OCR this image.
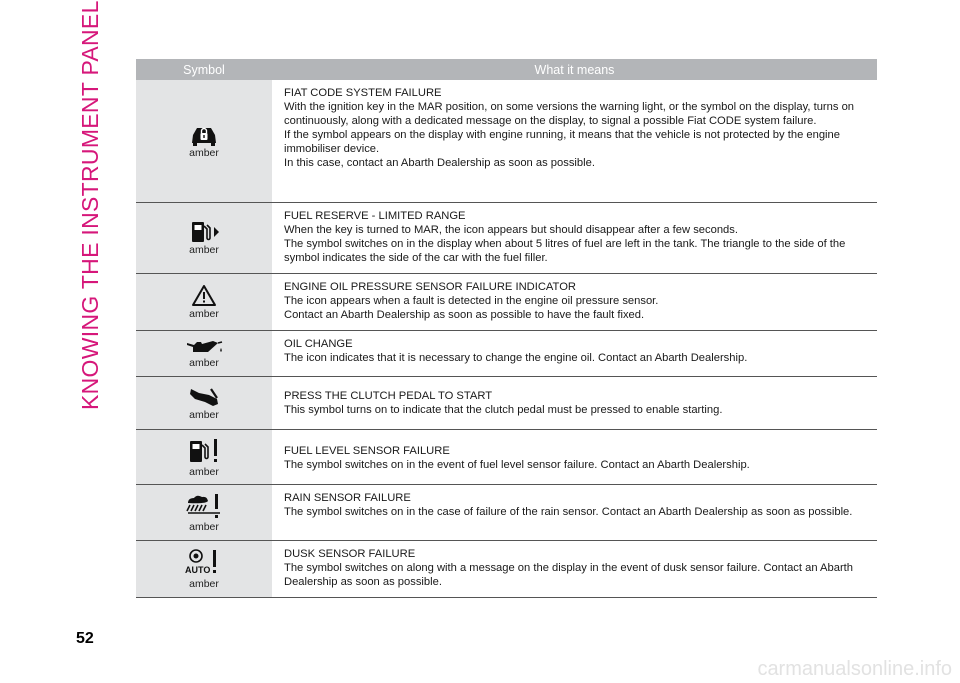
KNOWING THE INSTRUMENT PANEL	Symbol	What it means

amber	FIAT CODE SYSTEM FAILURE
With the ignition key in the MAR position, on some versions the warning light, or the symbol on the display, turns on continuously, along with a dedicated message on the display, to signal a possible Fiat CODE system failure.
If the symbol appears on the display with engine running, it means that the vehicle is not protected by the engine immobiliser device.
In this case, contact an Abarth Dealership as soon as possible.

amber	FUEL RESERVE - LIMITED RANGE
When the key is turned to MAR, the icon appears but should disappear after a few seconds.
The symbol switches on in the display when about 5 litres of fuel are left in the tank. The triangle to the side of the symbol indicates the side of the car with the fuel filler.

amber	ENGINE OIL PRESSURE SENSOR FAILURE INDICATOR
The icon appears when a fault is detected in the engine oil pressure sensor.
Contact an Abarth Dealership as soon as possible to have the fault fixed.

amber	OIL CHANGE
The icon indicates that it is necessary to change the engine oil. Contact an Abarth Dealership.

amber	PRESS THE CLUTCH PEDAL TO START
This symbol turns on to indicate that the clutch pedal must be pressed to enable starting.

amber	FUEL LEVEL SENSOR FAILURE
The symbol switches on in the event of fuel level sensor failure. Contact an Abarth Dealership.

amber	RAIN SENSOR FAILURE
The symbol switches on in the case of failure of the rain sensor. Contact an Abarth Dealership as soon as possible.

AUTO
amber	DUSK SENSOR FAILURE
The symbol switches on along with a message on the display in the event of dusk sensor failure. Contact an Abarth Dealership as soon as possible.
52
carmanualsonline.info
